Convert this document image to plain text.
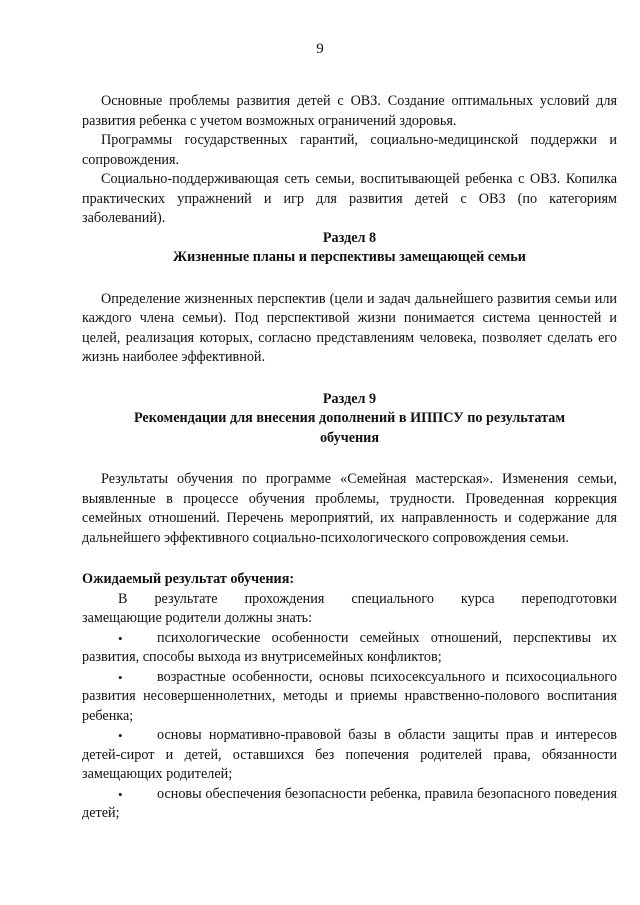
9

Основные проблемы развития детей с ОВЗ. Создание оптимальных условий для развития ребенка с учетом возможных ограничений здоровья.

Программы государственных гарантий, социально-медицинской поддержки и сопровождения.

Социально-поддерживающая сеть семьи, воспитывающей ребенка с ОВЗ. Копилка практических упражнений и игр для развития детей с ОВЗ (по категориям заболеваний).

Раздел 8

Жизненные планы и перспективы замещающей семьи

Определение жизненных перспектив (цели и задач дальнейшего развития семьи или каждого члена семьи). Под перспективой жизни понимается система ценностей и целей, реализация которых, согласно представлениям человека, позволяет сделать его жизнь наиболее эффективной.

Раздел 9

Рекомендации для внесения дополнений в ИППСУ по результатам

обучения

Результаты обучения по программе «Семейная мастерская». Изменения семьи, выявленные в процессе обучения проблемы, трудности. Проведенная коррекция семейных отношений. Перечень мероприятий, их направленность и содержание для дальнейшего эффективного социально-психологического сопровождения семьи.

Ожидаемый результат обучения:

В результате прохождения специального курса переподготовки

замещающие родители должны знать:

• психологические особенности семейных отношений, перспективы их развития, способы выхода из внутрисемейных конфликтов;

• возрастные особенности, основы психосексуального и психосоциального развития несовершеннолетних, методы и приемы нравственно-полового воспитания ребенка;

• основы нормативно-правовой базы в области защиты прав и интересов детей-сирот и детей, оставшихся без попечения родителей права, обязанности замещающих родителей;

• основы обеспечения безопасности ребенка, правила безопасного поведения детей;
